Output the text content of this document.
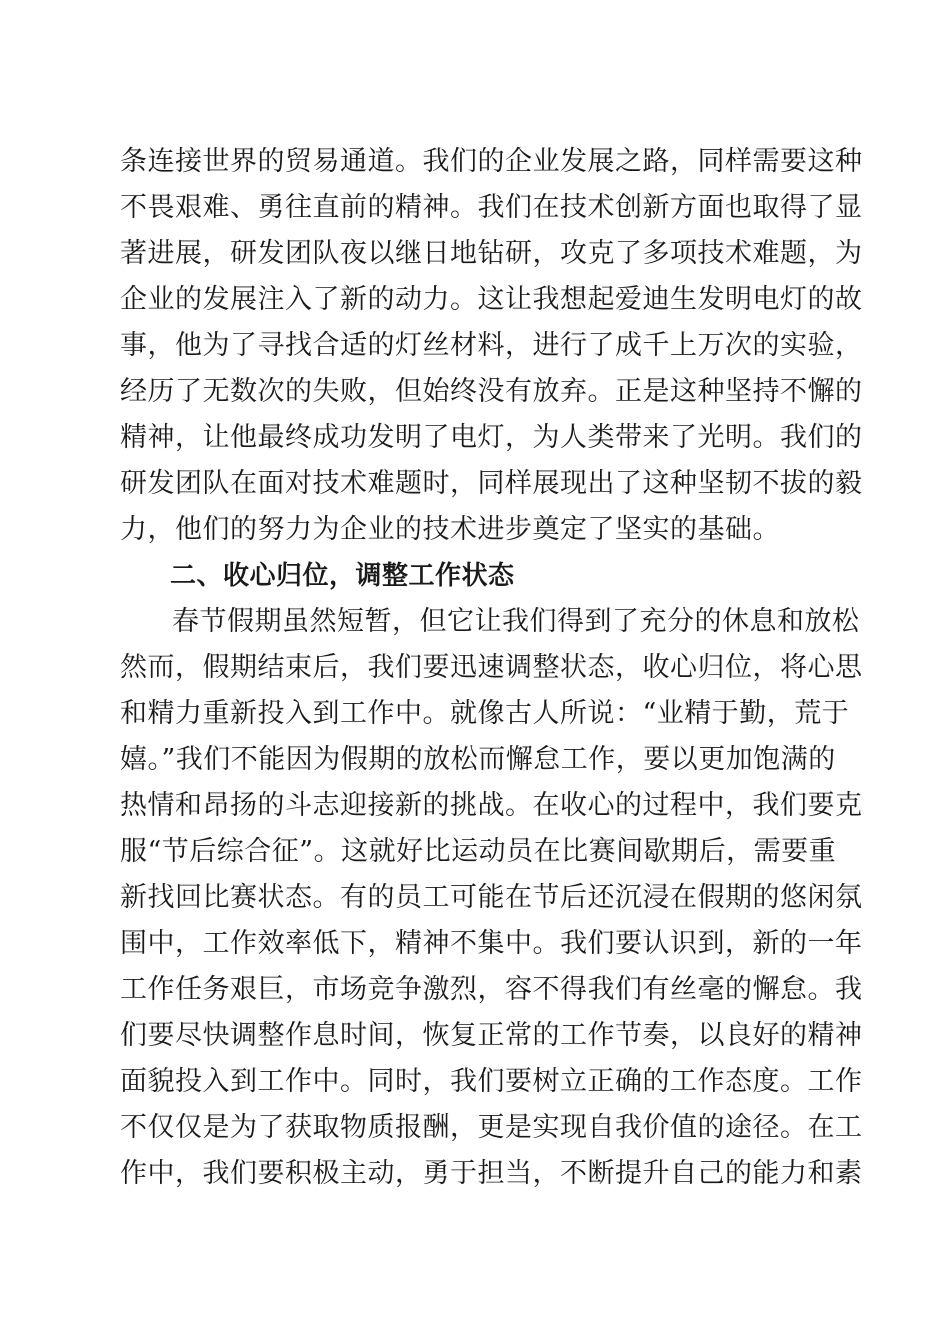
条连接世界的贸易通道。我们的企业发展之路，同样需要这种
不畏艰难、勇往直前的精神。我们在技术创新方面也取得了显
著进展，研发团队夜以继日地钻研，攻克了多项技术难题，为
企业的发展注入了新的动力。这让我想起爱迪生发明电灯的故
事，他为了寻找合适的灯丝材料，进行了成千上万次的实验，
经历了无数次的失败，但始终没有放弃。正是这种坚持不懈的
精神，让他最终成功发明了电灯，为人类带来了光明。我们的
研发团队在面对技术难题时，同样展现出了这种坚韧不拔的毅
力，他们的努力为企业的技术进步奠定了坚实的基础。
二、收心归位，调整工作状态
春节假期虽然短暂，但它让我们得到了充分的休息和放松
然而，假期结束后，我们要迅速调整状态，收心归位，将心思
和精力重新投入到工作中。就像古人所说：“业精于勤，荒于
嬉。”我们不能因为假期的放松而懈怠工作，要以更加饱满的
热情和昂扬的斗志迎接新的挑战。在收心的过程中，我们要克
服“节后综合征”。这就好比运动员在比赛间歇期后，需要重
新找回比赛状态。有的员工可能在节后还沉浸在假期的悠闲氛
围中，工作效率低下，精神不集中。我们要认识到，新的一年
工作任务艰巨，市场竞争激烈，容不得我们有丝毫的懈怠。我
们要尽快调整作息时间，恢复正常的工作节奏，以良好的精神
面貌投入到工作中。同时，我们要树立正确的工作态度。工作
不仅仅是为了获取物质报酬，更是实现自我价值的途径。在工
作中，我们要积极主动，勇于担当，不断提升自己的能力和素
